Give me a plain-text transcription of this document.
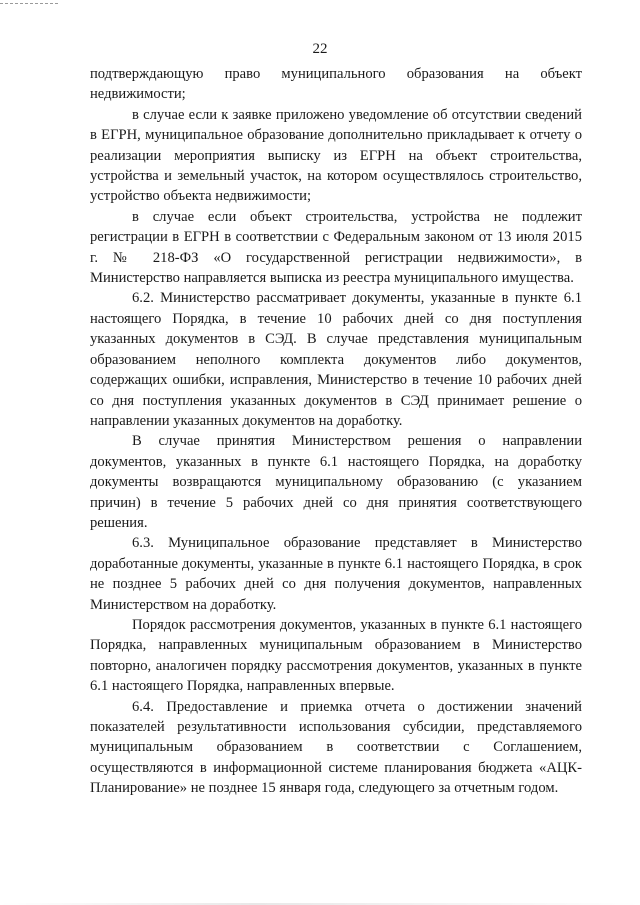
22

подтверждающую право муниципального образования на объект недвижимости;

в случае если к заявке приложено уведомление об отсутствии сведений в ЕГРН, муниципальное образование дополнительно прикладывает к отчету о реализации мероприятия выписку из ЕГРН на объект строительства, устройства и земельный участок, на котором осуществлялось строительство, устройство объекта недвижимости;

в случае если объект строительства, устройства не подлежит регистрации в ЕГРН в соответствии с Федеральным законом от 13 июля 2015 г. № 218-ФЗ «О государственной регистрации недвижимости», в Министерство направляется выписка из реестра муниципального имущества.

6.2. Министерство рассматривает документы, указанные в пункте 6.1 настоящего Порядка, в течение 10 рабочих дней со дня поступления указанных документов в СЭД. В случае представления муниципальным образованием неполного комплекта документов либо документов, содержащих ошибки, исправления, Министерство в течение 10 рабочих дней со дня поступления указанных документов в СЭД принимает решение о направлении указанных документов на доработку.

В случае принятия Министерством решения о направлении документов, указанных в пункте 6.1 настоящего Порядка, на доработку документы возвращаются муниципальному образованию (с указанием причин) в течение 5 рабочих дней со дня принятия соответствующего решения.

6.3. Муниципальное образование представляет в Министерство доработанные документы, указанные в пункте 6.1 настоящего Порядка, в срок не позднее 5 рабочих дней со дня получения документов, направленных Министерством на доработку.

Порядок рассмотрения документов, указанных в пункте 6.1 настоящего Порядка, направленных муниципальным образованием в Министерство повторно, аналогичен порядку рассмотрения документов, указанных в пункте 6.1 настоящего Порядка, направленных впервые.

6.4. Предоставление и приемка отчета о достижении значений показателей результативности использования субсидии, представляемого муниципальным образованием в соответствии с Соглашением, осуществляются в информационной системе планирования бюджета «АЦК-Планирование» не позднее 15 января года, следующего за отчетным годом.
